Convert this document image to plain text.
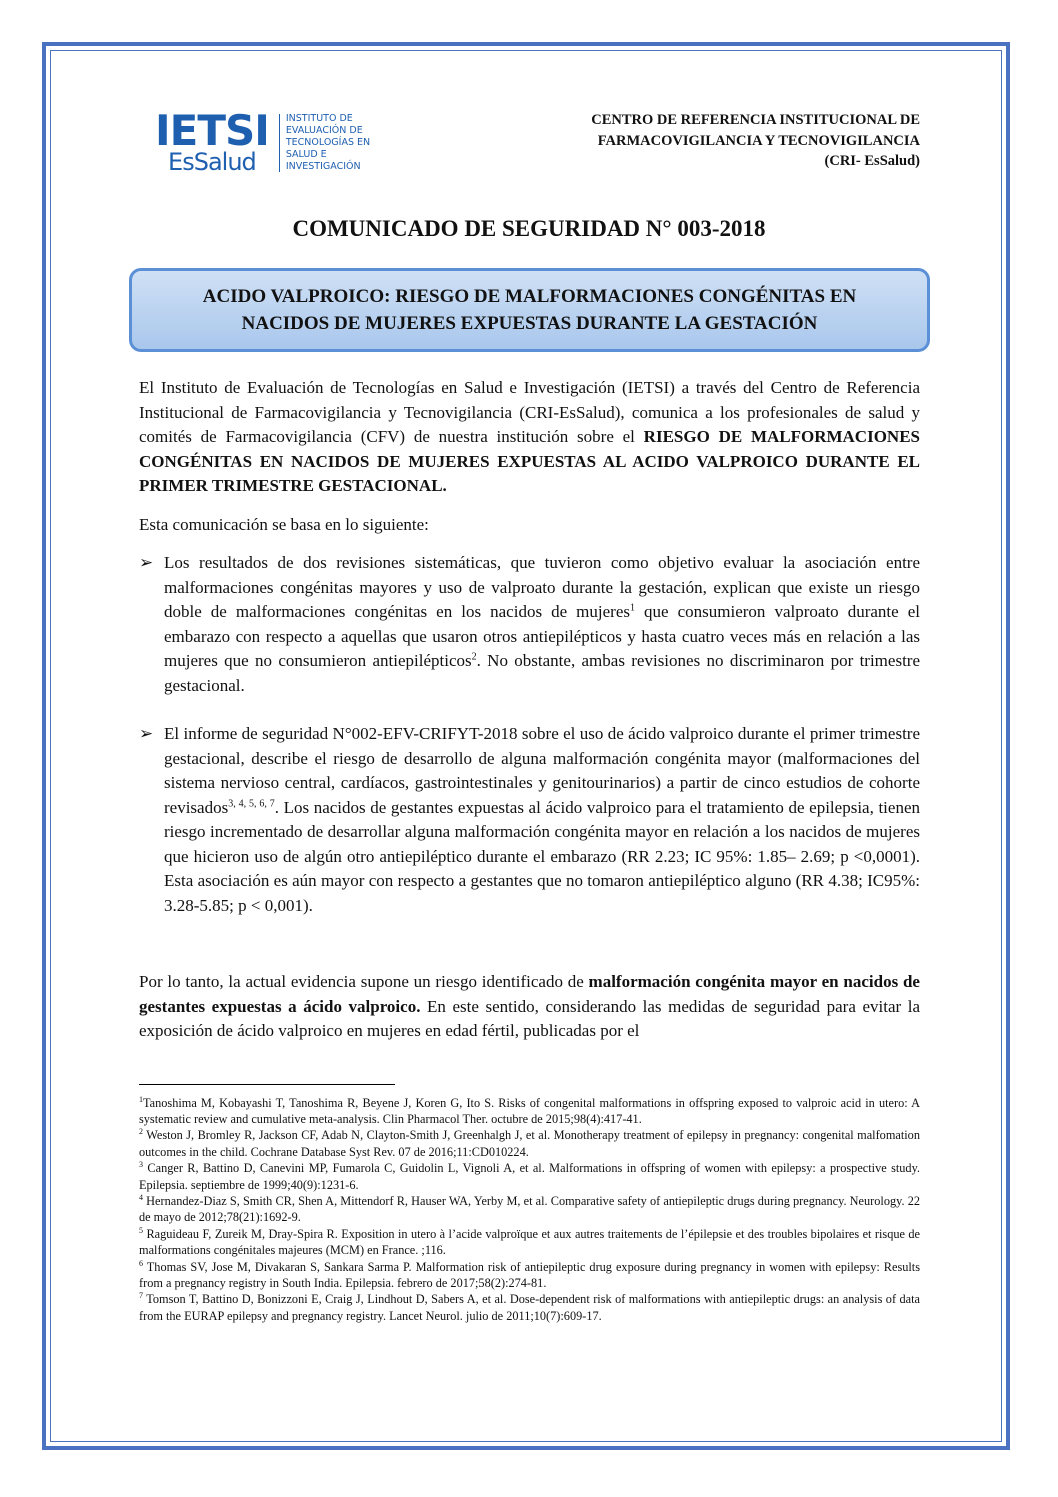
IETSI
EsSalud
INSTITUTO DE
EVALUACIÓN DE
TECNOLOGÍAS EN
SALUD E
INVESTIGACIÓN
CENTRO DE REFERENCIA INSTITUCIONAL DE
FARMACOVIGILANCIA Y TECNOVIGILANCIA
(CRI- EsSalud)
COMUNICADO DE SEGURIDAD N° 003-2018
ACIDO VALPROICO: RIESGO DE MALFORMACIONES CONGÉNITAS EN
NACIDOS DE MUJERES EXPUESTAS DURANTE LA GESTACIÓN

El Instituto de Evaluación de Tecnologías en Salud e Investigación (IETSI) a través del Centro de Referencia Institucional de Farmacovigilancia y Tecnovigilancia (CRI-EsSalud), comunica a los profesionales de salud y comités de Farmacovigilancia (CFV) de nuestra institución sobre el RIESGO DE MALFORMACIONES CONGÉNITAS EN NACIDOS DE MUJERES EXPUESTAS AL ACIDO VALPROICO DURANTE EL PRIMER TRIMESTRE GESTACIONAL.

Esta comunicación se basa en lo siguiente:

➢ Los resultados de dos revisiones sistemáticas, que tuvieron como objetivo evaluar la asociación entre malformaciones congénitas mayores y uso de valproato durante la gestación, explican que existe un riesgo doble de malformaciones congénitas en los nacidos de mujeres$^1$ que consumieron valproato durante el embarazo con respecto a aquellas que usaron otros antiepilépticos y hasta cuatro veces más en relación a las mujeres que no consumieron antiepilépticos$^2$. No obstante, ambas revisiones no discriminaron por trimestre gestacional.
➢ El informe de seguridad N°002-EFV-CRIFYT-2018 sobre el uso de ácido valproico durante el primer trimestre gestacional, describe el riesgo de desarrollo de alguna malformación congénita mayor (malformaciones del sistema nervioso central, cardíacos, gastrointestinales y genitourinarios) a partir de cinco estudios de cohorte revisados$^{3, 4, 5, 6, 7}$. Los nacidos de gestantes expuestas al ácido valproico para el tratamiento de epilepsia, tienen riesgo incrementado de desarrollar alguna malformación congénita mayor en relación a los nacidos de mujeres que hicieron uso de algún otro antiepiléptico durante el embarazo (RR 2.23; IC 95%: 1.85– 2.69; p <0,0001). Esta asociación es aún mayor con respecto a gestantes que no tomaron antiepiléptico alguno (RR 4.38; IC95%: 3.28-5.85; p < 0,001).

Por lo tanto, la actual evidencia supone un riesgo identificado de malformación congénita mayor en nacidos de gestantes expuestas a ácido valproico. En este sentido, considerando las medidas de seguridad para evitar la exposición de ácido valproico en mujeres en edad fértil, publicadas por el

$^1$Tanoshima M, Kobayashi T, Tanoshima R, Beyene J, Koren G, Ito S. Risks of congenital malformations in offspring exposed to valproic acid in utero: A systematic review and cumulative meta-analysis. Clin Pharmacol Ther. octubre de 2015;98(4):417-41.
$^2$ Weston J, Bromley R, Jackson CF, Adab N, Clayton-Smith J, Greenhalgh J, et al. Monotherapy treatment of epilepsy in pregnancy: congenital malfomation outcomes in the child. Cochrane Database Syst Rev. 07 de 2016;11:CD010224.
$^3$ Canger R, Battino D, Canevini MP, Fumarola C, Guidolin L, Vignoli A, et al. Malformations in offspring of women with epilepsy: a prospective study. Epilepsia. septiembre de 1999;40(9):1231-6.
$^4$ Hernandez-Diaz S, Smith CR, Shen A, Mittendorf R, Hauser WA, Yerby M, et al. Comparative safety of antiepileptic drugs during pregnancy. Neurology. 22 de mayo de 2012;78(21):1692-9.
$^5$ Raguideau F, Zureik M, Dray-Spira R. Exposition in utero à l’acide valproïque et aux autres traitements de l’épilepsie et des troubles bipolaires et risque de malformations congénitales majeures (MCM) en France. ;116.
$^6$ Thomas SV, Jose M, Divakaran S, Sankara Sarma P. Malformation risk of antiepileptic drug exposure during pregnancy in women with epilepsy: Results from a pregnancy registry in South India. Epilepsia. febrero de 2017;58(2):274-81.
$^7$ Tomson T, Battino D, Bonizzoni E, Craig J, Lindhout D, Sabers A, et al. Dose-dependent risk of malformations with antiepileptic drugs: an analysis of data from the EURAP epilepsy and pregnancy registry. Lancet Neurol. julio de 2011;10(7):609-17.
